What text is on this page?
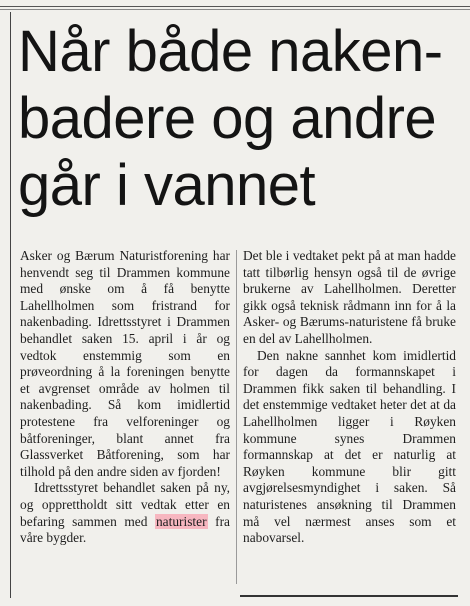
Når både naken-
badere og andre
går i vannet

Asker og Bærum Naturistforening har henvendt seg til Drammen kommune med ønske om å få benytte Lahellholmen som fristrand for nakenbading. Idrettsstyret i Drammen behandlet saken 15. april i år og vedtok enstemmig som en prøveordning å la foreningen benytte et avgrenset område av holmen til nakenbading. Så kom imidlertid protestene fra velforeninger og båtforeninger, blant annet fra Glassverket Båtforening, som har tilhold på den andre siden av fjorden!

Idrettsstyret behandlet saken på ny, og opprettholdt sitt vedtak etter en befaring sammen med naturister fra våre bygder.

Det ble i vedtaket pekt på at man hadde tatt tilbørlig hensyn også til de øvrige brukerne av Lahellholmen. Deretter gikk også teknisk rådmann inn for å la Asker- og Bærums-naturistene få bruke en del av Lahellholmen.

Den nakne sannhet kom imidlertid for dagen da formannskapet i Drammen fikk saken til behandling. I det enstemmige vedtaket heter det at da Lahellholmen ligger i Røyken kommune synes Drammen formannskap at det er naturlig at Røyken kommune blir gitt avgjørelsesmyndighet i saken. Så naturistenes ansøkning til Drammen må vel nærmest anses som et nabovarsel.
